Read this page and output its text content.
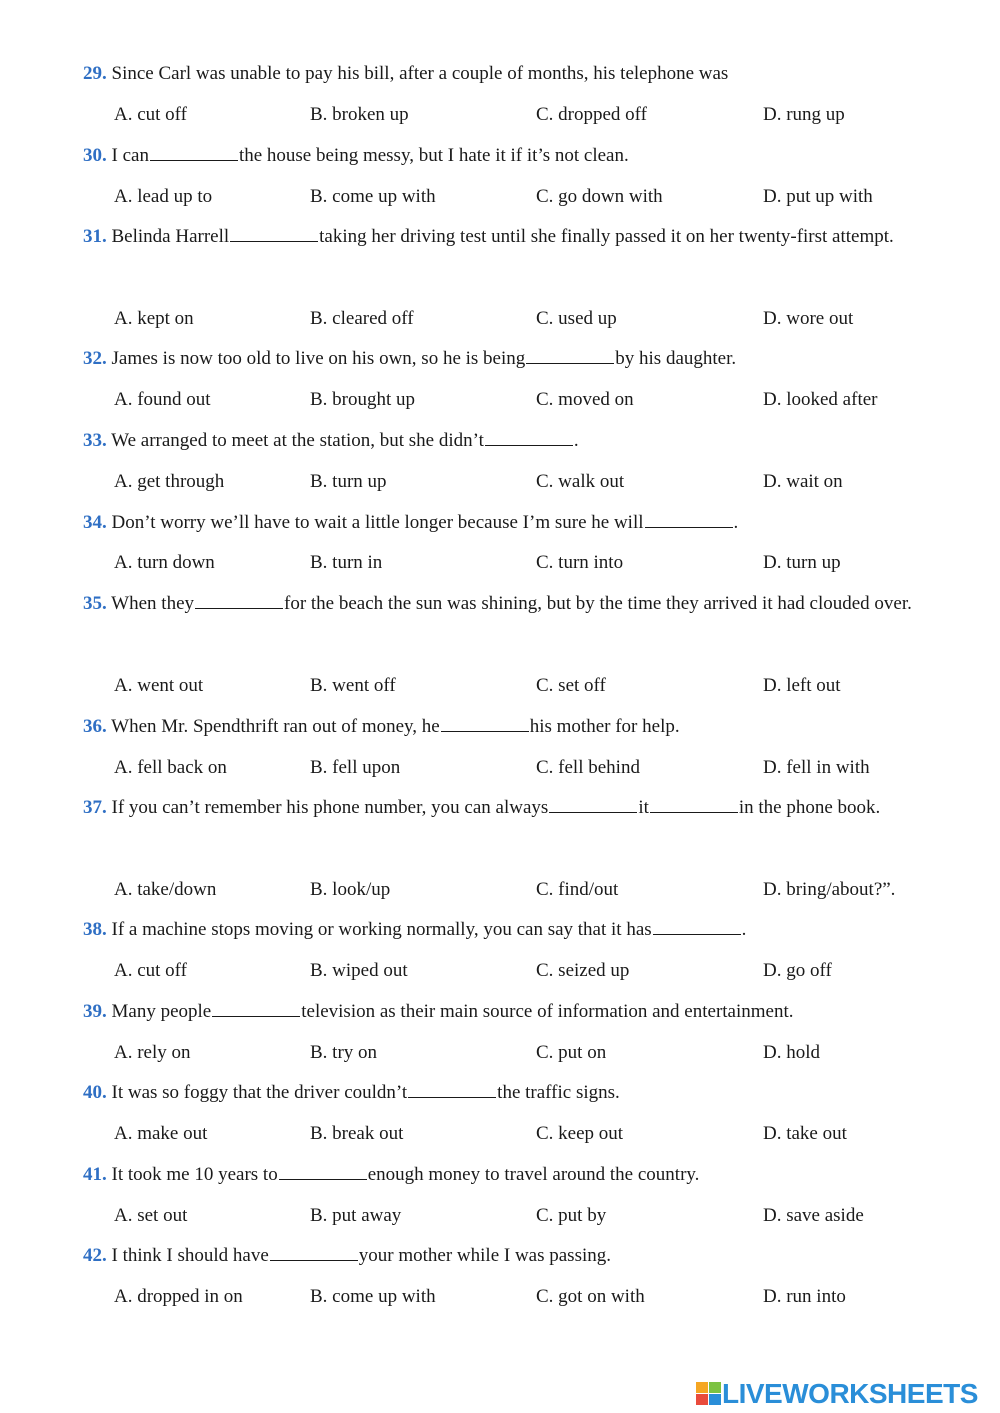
29. Since Carl was unable to pay his bill, after a couple of months, his telephone was
A. cut off	B. broken up	C. dropped off	D. rung up
30. I can	the house being messy, but I hate it if it’s not clean.
A. lead up to	B. come up with	C. go down with	D. put up with
31. Belinda Harrell	taking her driving test until she finally passed it on her twenty-first attempt.
A. kept on	B. cleared off	C. used up	D. wore out
32. James is now too old to live on his own, so he is being	by his daughter.
A. found out	B. brought up	C. moved on	D. looked after
33. We arranged to meet at the station, but she didn’t	.
A. get through	B. turn up	C. walk out	D. wait on
34. Don’t worry we’ll have to wait a little longer because I’m sure he will	.
A. turn down	B. turn in	C. turn into	D. turn up
35. When they	for the beach the sun was shining, but by the time they arrived it had clouded over.
A. went out	B. went off	C. set off	D. left out
36. When Mr. Spendthrift ran out of money, he	his mother for help.
A. fell back on	B. fell upon	C. fell behind	D. fell in with
37. If you can’t remember his phone number, you can always	it	in the phone book.
A. take/down	B. look/up	C. find/out	D. bring/about?”.
38. If a machine stops moving or working normally, you can say that it has	.
A. cut off	B. wiped out	C. seized up	D. go off
39. Many people	television as their main source of information and entertainment.
A. rely on	B. try on	C. put on	D. hold
40. It was so foggy that the driver couldn’t	the traffic signs.
A. make out	B. break out	C. keep out	D. take out
41. It took me 10 years to	enough money to travel around the country.
A. set out	B. put away	C. put by	D. save aside
42. I think I should have	your mother while I was passing.
A. dropped in on	B. come up with	C. got on with	D. run into
LIVEWORKSHEETS
